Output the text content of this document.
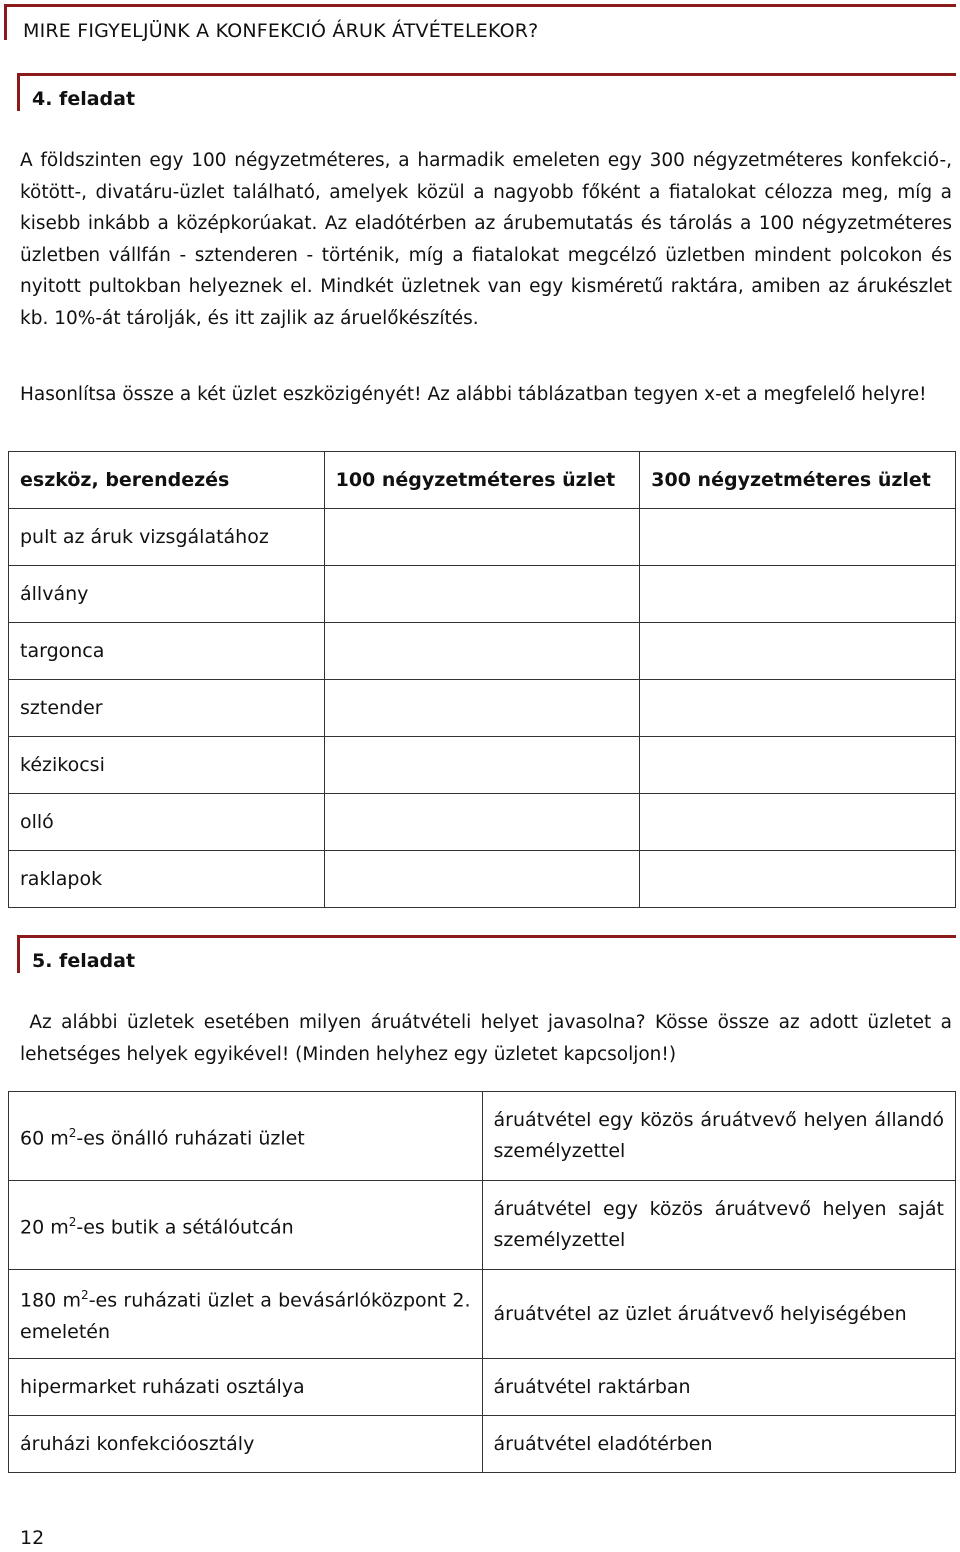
MIRE FIGYELJÜNK A KONFEKCIÓ ÁRUK ÁTVÉTELEKOR?
4. feladat

A földszinten egy 100 négyzetméteres, a harmadik emeleten egy 300 négyzetméteres konfekció-, kötött-, divatáru-üzlet található, amelyek közül a nagyobb főként a fiatalokat célozza meg, míg a kisebb inkább a középkorúakat. Az eladótérben az árubemutatás és tárolás a 100 négyzetméteres üzletben vállfán - sztenderen - történik, míg a fiatalokat megcélzó üzletben mindent polcokon és nyitott pultokban helyeznek el. Mindkét üzletnek van egy kisméretű raktára, amiben az árukészlet kb. 10%-át tárolják, és itt zajlik az áruelőkészítés.

Hasonlítsa össze a két üzlet eszközigényét! Az alábbi táblázatban tegyen x-et a megfelelő helyre!

eszköz, berendezés	100 négyzetméteres üzlet	300 négyzetméteres üzlet
pult az áruk vizsgálatához		
állvány		
targonca		
sztender		
kézikocsi		
olló		
raklapok		
5. feladat

Az alábbi üzletek esetében milyen áruátvételi helyet javasolna? Kösse össze az adott üzletet a lehetséges helyek egyikével! (Minden helyhez egy üzletet kapcsoljon!)

60 $m^2-es$ önálló ruházati üzlet	áruátvétel egy közös áruátvevő helyen állandó személyzettel
20 $m^2-es$ butik a sétálóutcán	áruátvétel egy közös áruátvevő helyen saját személyzettel
180 $m^2-es$ ruházati üzlet a bevásárlóközpont 2. emeletén	áruátvétel az üzlet áruátvevő helyiségében
hipermarket ruházati osztálya	áruátvétel raktárban
áruházi konfekcióosztály	áruátvétel eladótérben
12
